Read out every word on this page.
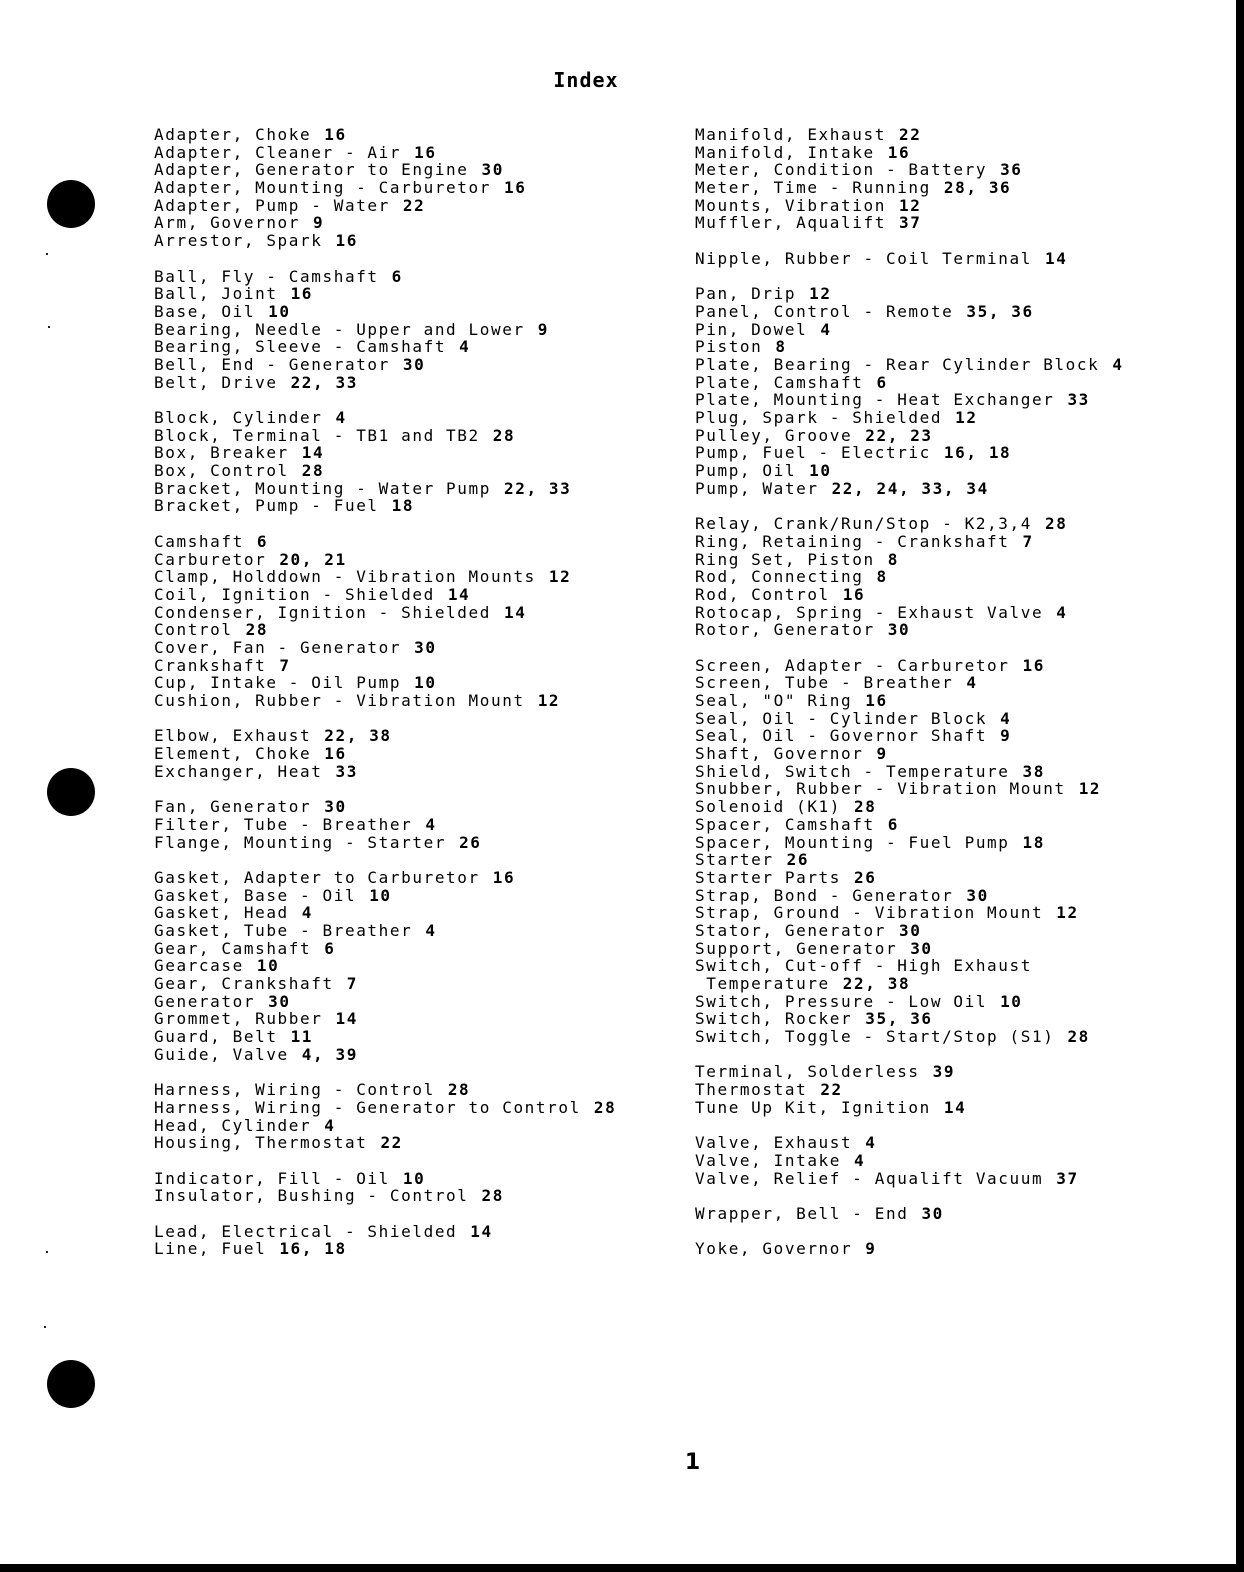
Index
Adapter, Choke 16
Adapter, Cleaner - Air 16
Adapter, Generator to Engine 30
Adapter, Mounting - Carburetor 16
Adapter, Pump - Water 22
Arm, Governor 9
Arrestor, Spark 16
Ball, Fly - Camshaft 6
Ball, Joint 16
Base, Oil 10
Bearing, Needle - Upper and Lower 9
Bearing, Sleeve - Camshaft 4
Bell, End - Generator 30
Belt, Drive 22, 33
Block, Cylinder 4
Block, Terminal - TB1 and TB2 28
Box, Breaker 14
Box, Control 28
Bracket, Mounting - Water Pump 22, 33
Bracket, Pump - Fuel 18
Camshaft 6
Carburetor 20, 21
Clamp, Holddown - Vibration Mounts 12
Coil, Ignition - Shielded 14
Condenser, Ignition - Shielded 14
Control 28
Cover, Fan - Generator 30
Crankshaft 7
Cup, Intake - Oil Pump 10
Cushion, Rubber - Vibration Mount 12
Elbow, Exhaust 22, 38
Element, Choke 16
Exchanger, Heat 33
Fan, Generator 30
Filter, Tube - Breather 4
Flange, Mounting - Starter 26
Gasket, Adapter to Carburetor 16
Gasket, Base - Oil 10
Gasket, Head 4
Gasket, Tube - Breather 4
Gear, Camshaft 6
Gearcase 10
Gear, Crankshaft 7
Generator 30
Grommet, Rubber 14
Guard, Belt 11
Guide, Valve 4, 39
Harness, Wiring - Control 28
Harness, Wiring - Generator to Control 28
Head, Cylinder 4
Housing, Thermostat 22
Indicator, Fill - Oil 10
Insulator, Bushing - Control 28
Lead, Electrical - Shielded 14
Line, Fuel 16, 18
Manifold, Exhaust 22
Manifold, Intake 16
Meter, Condition - Battery 36
Meter, Time - Running 28, 36
Mounts, Vibration 12
Muffler, Aqualift 37
Nipple, Rubber - Coil Terminal 14
Pan, Drip 12
Panel, Control - Remote 35, 36
Pin, Dowel 4
Piston 8
Plate, Bearing - Rear Cylinder Block 4
Plate, Camshaft 6
Plate, Mounting - Heat Exchanger 33
Plug, Spark - Shielded 12
Pulley, Groove 22, 23
Pump, Fuel - Electric 16, 18
Pump, Oil 10
Pump, Water 22, 24, 33, 34
Relay, Crank/Run/Stop - K2,3,4 28
Ring, Retaining - Crankshaft 7
Ring Set, Piston 8
Rod, Connecting 8
Rod, Control 16
Rotocap, Spring - Exhaust Valve 4
Rotor, Generator 30
Screen, Adapter - Carburetor 16
Screen, Tube - Breather 4
Seal, "O" Ring 16
Seal, Oil - Cylinder Block 4
Seal, Oil - Governor Shaft 9
Shaft, Governor 9
Shield, Switch - Temperature 38
Snubber, Rubber - Vibration Mount 12
Solenoid (K1) 28
Spacer, Camshaft 6
Spacer, Mounting - Fuel Pump 18
Starter 26
Starter Parts 26
Strap, Bond - Generator 30
Strap, Ground - Vibration Mount 12
Stator, Generator 30
Support, Generator 30
Switch, Cut-off - High Exhaust
Temperature 22, 38
Switch, Pressure - Low Oil 10
Switch, Rocker 35, 36
Switch, Toggle - Start/Stop (S1) 28
Terminal, Solderless 39
Thermostat 22
Tune Up Kit, Ignition 14
Valve, Exhaust 4
Valve, Intake 4
Valve, Relief - Aqualift Vacuum 37
Wrapper, Bell - End 30
Yoke, Governor 9
1
